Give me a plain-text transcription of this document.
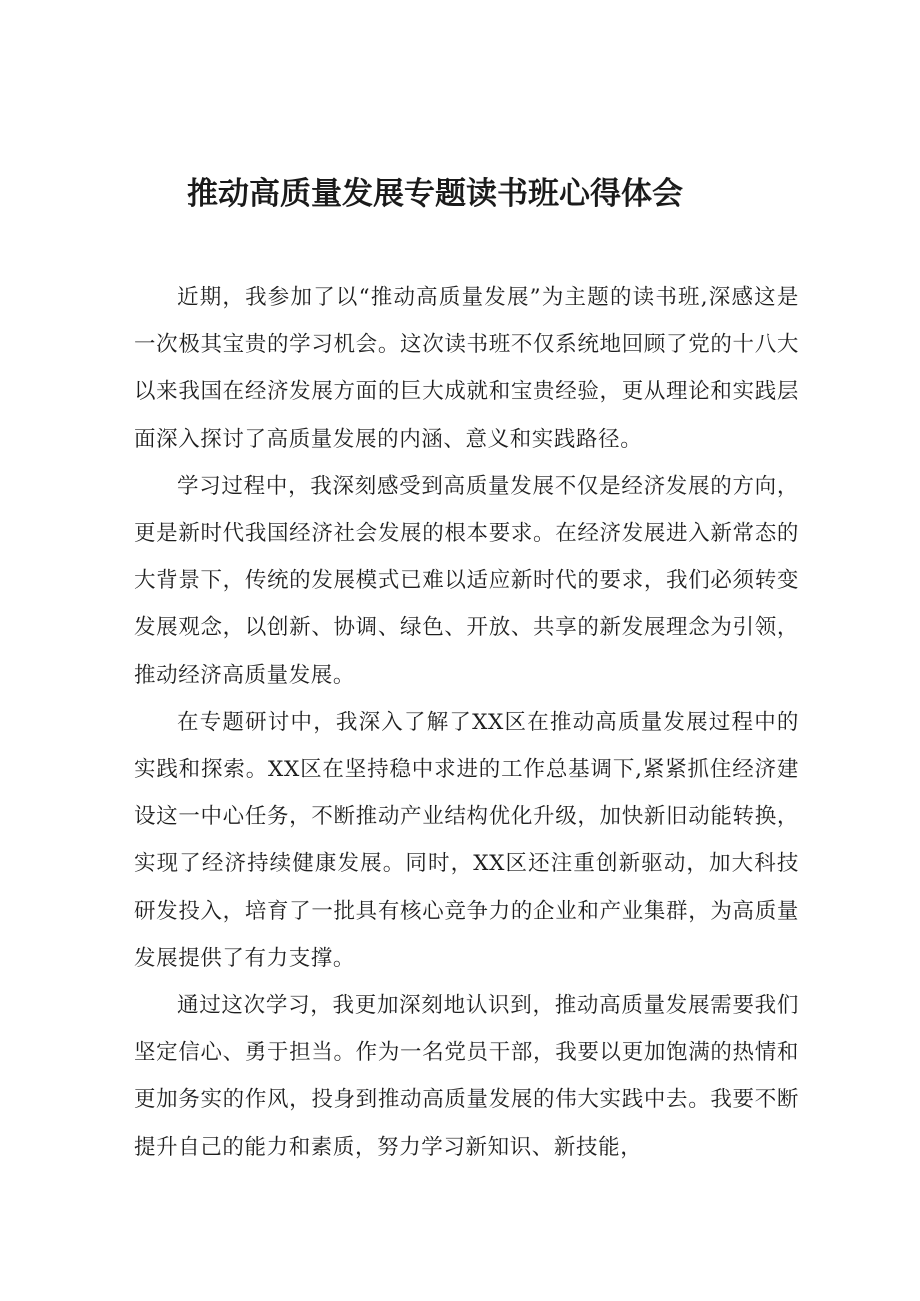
推动高质量发展专题读书班心得体会

近期，我参加了以“推动高质量发展”为主题的读书班,深感这是一次极其宝贵的学习机会。这次读书班不仅系统地回顾了党的十八大以来我国在经济发展方面的巨大成就和宝贵经验，更从理论和实践层面深入探讨了高质量发展的内涵、意义和实践路径。

学习过程中，我深刻感受到高质量发展不仅是经济发展的方向，更是新时代我国经济社会发展的根本要求。在经济发展进入新常态的大背景下，传统的发展模式已难以适应新时代的要求，我们必须转变发展观念，以创新、协调、绿色、开放、共享的新发展理念为引领，推动经济高质量发展。

在专题研讨中，我深入了解了XX区在推动高质量发展过程中的实践和探索。XX区在坚持稳中求进的工作总基调下,紧紧抓住经济建设这一中心任务，不断推动产业结构优化升级，加快新旧动能转换，实现了经济持续健康发展。同时，XX区还注重创新驱动，加大科技研发投入，培育了一批具有核心竞争力的企业和产业集群，为高质量发展提供了有力支撑。

通过这次学习，我更加深刻地认识到，推动高质量发展需要我们坚定信心、勇于担当。作为一名党员干部，我要以更加饱满的热情和更加务实的作风，投身到推动高质量发展的伟大实践中去。我要不断提升自己的能力和素质，努力学习新知识、新技能，
